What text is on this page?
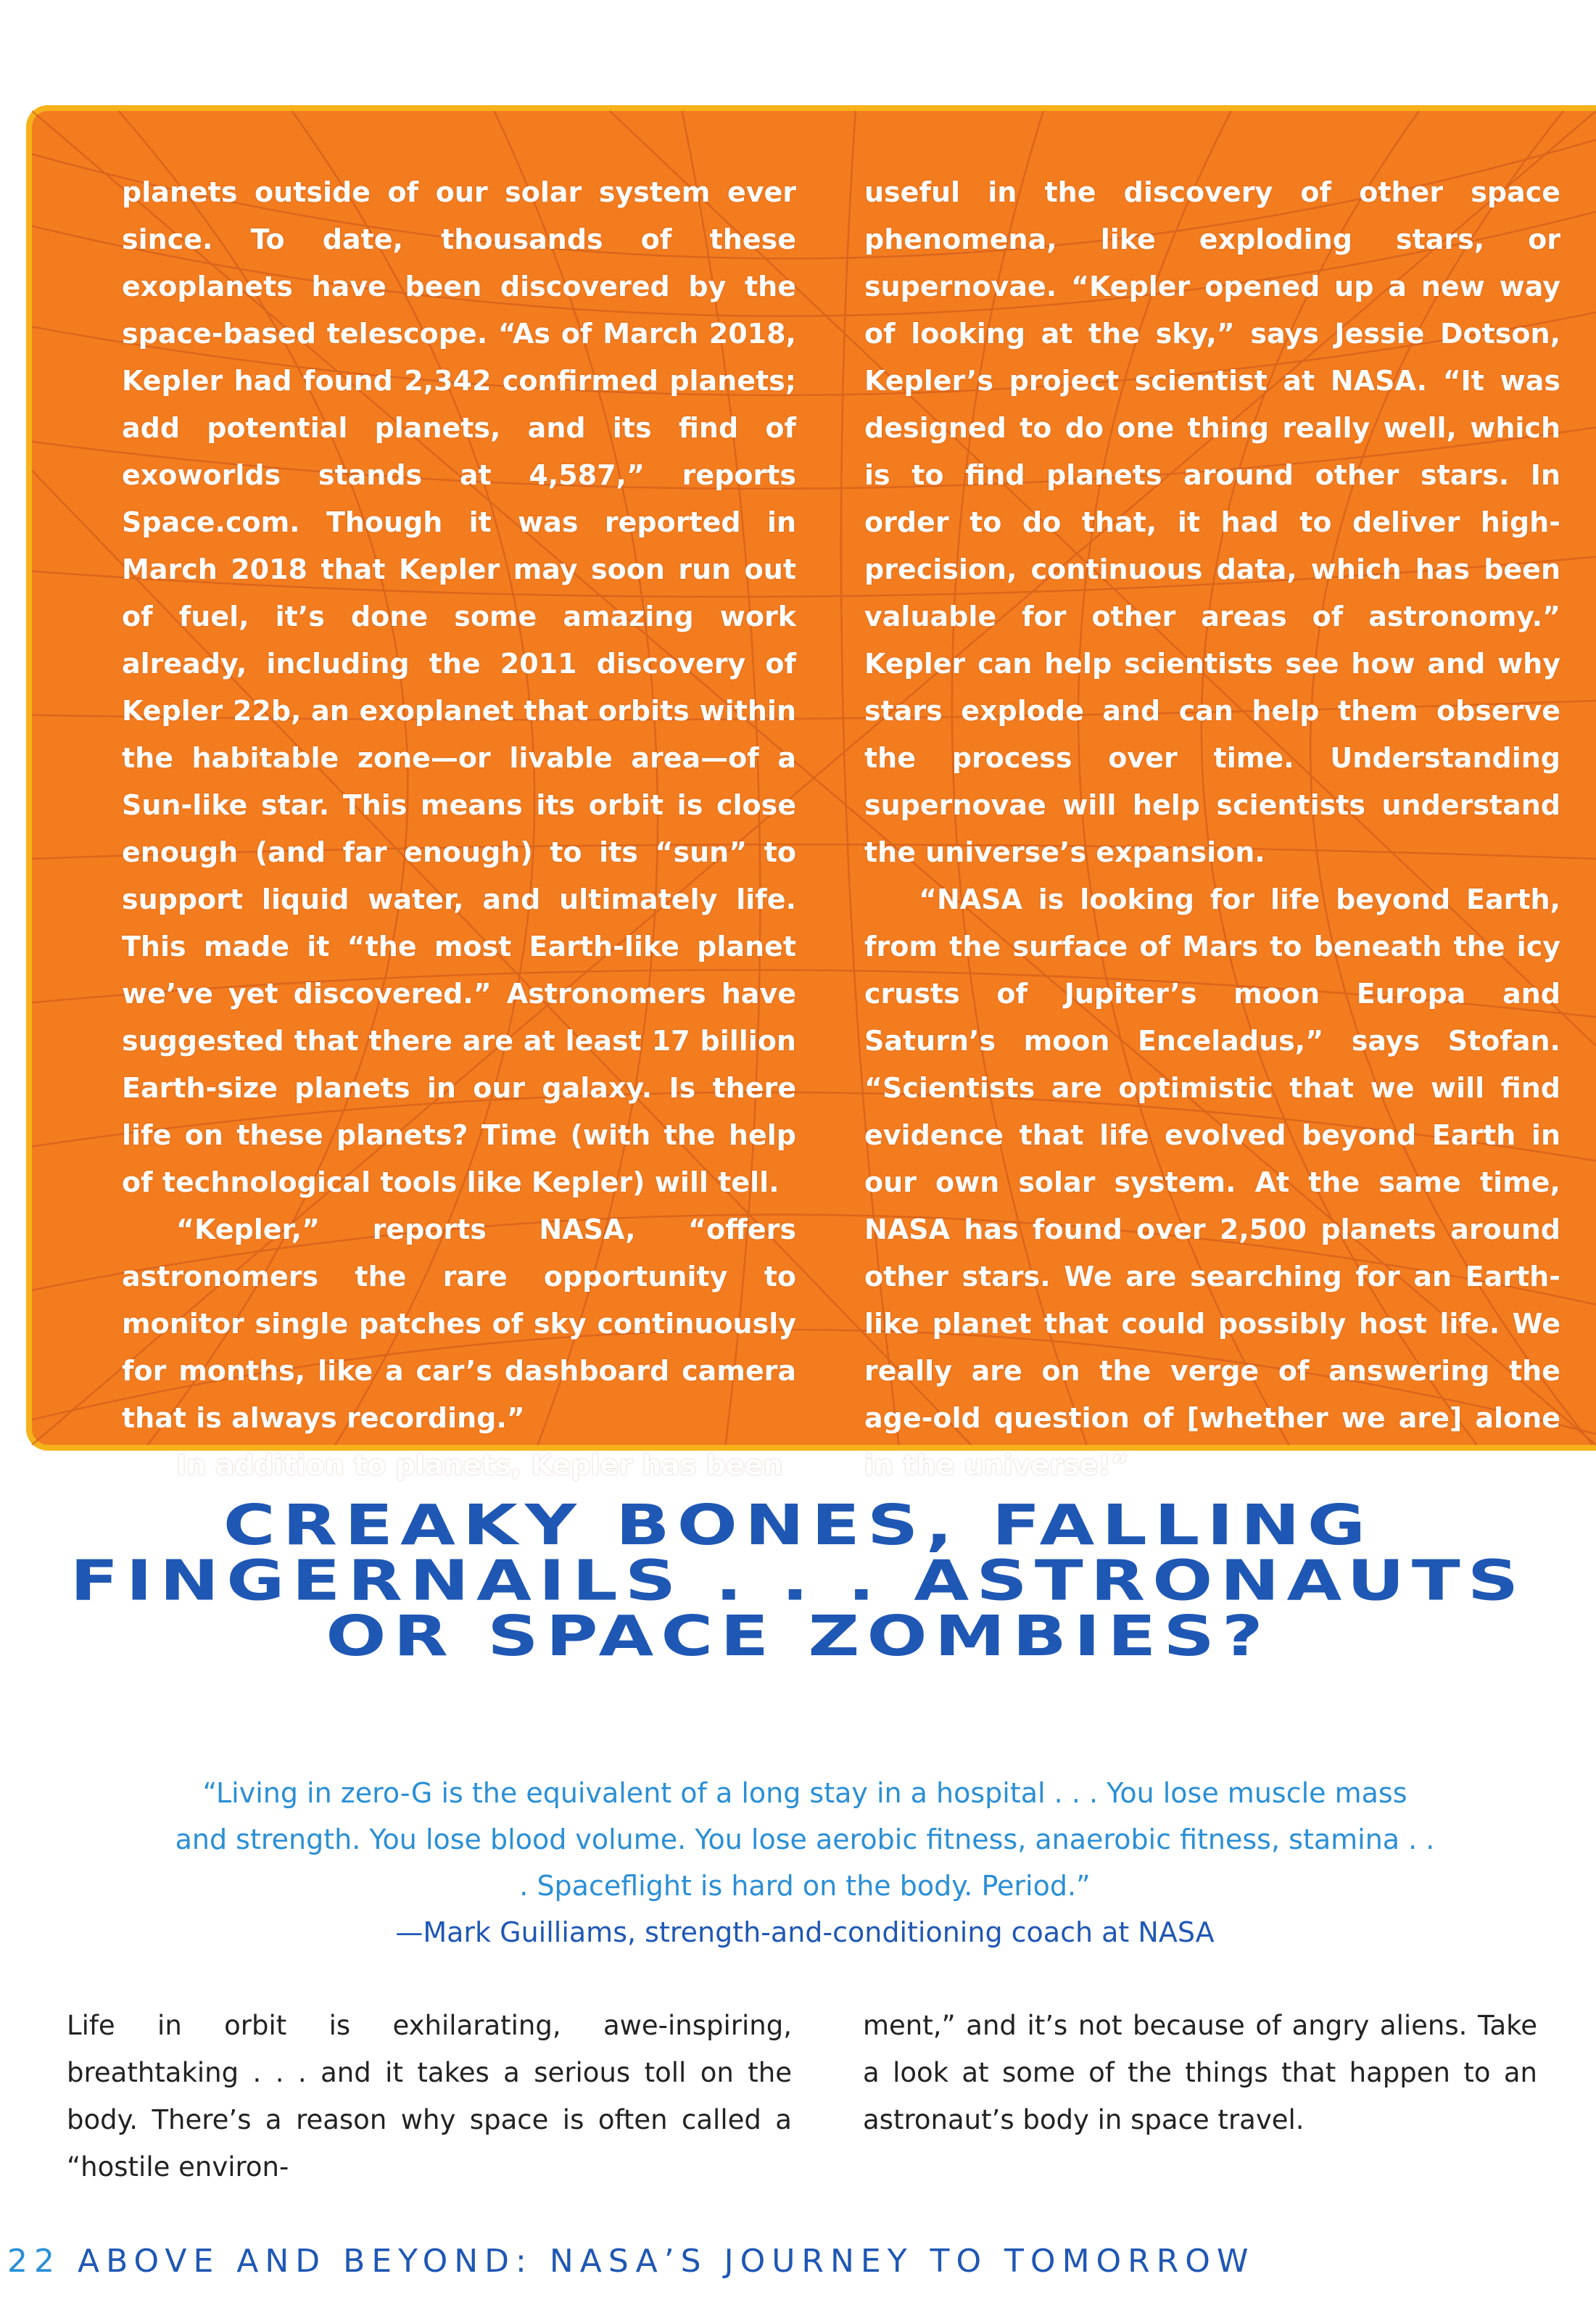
planets outside of our solar system ever since. To date, thousands of these exoplanets have been discovered by the space-based telescope. “As of March 2018, Kepler had found 2,342 confirmed planets; add potential planets, and its find of exoworlds stands at 4,587,” reports Space.com. Though it was reported in March 2018 that Kepler may soon run out of fuel, it’s done some amazing work already, including the 2011 discovery of Kepler 22b, an exoplanet that orbits within the habitable zone—or livable area—of a Sun-like star. This means its orbit is close enough (and far enough) to its “sun” to support liquid water, and ultimately life. This made it “the most Earth-like planet we’ve yet discovered.” Astronomers have suggested that there are at least 17 billion Earth-size planets in our galaxy. Is there life on these planets? Time (with the help of technological tools like Kepler) will tell.

“Kepler,” reports NASA, “offers astronomers the rare opportunity to monitor single patches of sky continuously for months, like a car’s dashboard camera that is always recording.”

In addition to planets, Kepler has been

useful in the discovery of other space phenomena, like exploding stars, or supernovae. “Kepler opened up a new way of looking at the sky,” says Jessie Dotson, Kepler’s project scientist at NASA. “It was designed to do one thing really well, which is to find planets around other stars. In order to do that, it had to deliver high-precision, continuous data, which has been valuable for other areas of astronomy.” Kepler can help scientists see how and why stars explode and can help them observe the process over time. Understanding supernovae will help scientists understand the universe’s expansion.

“NASA is looking for life beyond Earth, from the surface of Mars to beneath the icy crusts of Jupiter’s moon Europa and Saturn’s moon Enceladus,” says Stofan. “Scientists are optimistic that we will find evidence that life evolved beyond Earth in our own solar system. At the same time, NASA has found over 2,500 planets around other stars. We are searching for an Earth-like planet that could possibly host life. We really are on the verge of answering the age-old question of [whether we are] alone in the universe!”

CREAKY BONES, FALLING
FINGERNAILS . . . ASTRONAUTS
OR SPACE ZOMBIES?

“Living in zero-G is the equivalent of a long stay in a hospital . . . You lose muscle mass and strength. You lose blood volume. You lose aerobic fitness, anaerobic fitness, stamina . . . Spaceflight is hard on the body. Period.”

—Mark Guilliams, strength-and-conditioning coach at NASA

Life in orbit is exhilarating, awe-inspiring, breathtaking . . . and it takes a serious toll on the body. There’s a reason why space is often called a “hostile environ-

ment,” and it’s not because of angry aliens. Take a look at some of the things that happen to an astronaut’s body in space travel.

22 ABOVE AND BEYOND: NASA’S JOURNEY TO TOMORROW
